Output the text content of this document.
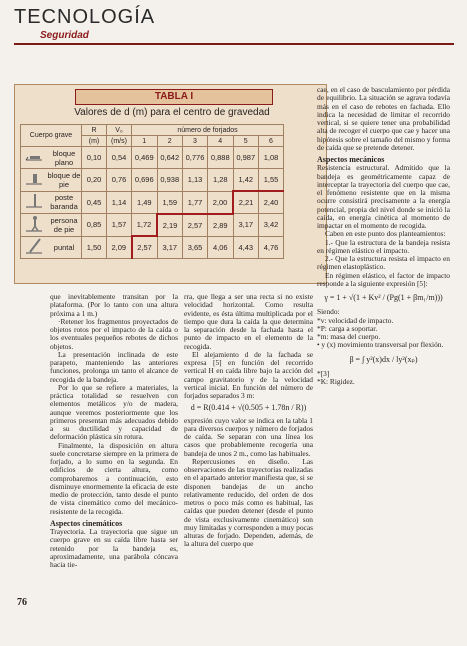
TECNOLOGÍA
Seguridad
TABLA I
Valores de d (m) para el centro de gravedad
Cuerpo grave		R	V₀	número de forjados					
		(m)	(m/s)	1	2	3	4	5	6
	bloque plano	0,10	0,54	0,469	0,642	0,776	0,888	0,987	1,08
	bloque de pie	0,20	0,76	0,696	0,938	1,13	1,28	1,42	1,55
	poste baranda	0,45	1,14	1,49	1,59	1,77	2,00	2,21	2,40
	persona de pie	0,85	1,57	1,72	2,19	2,57	2,89	3,17	3,42
	puntal	1,50	2,09	2,57	3,17	3,65	4,06	4,43	4,76

que inevitablemente transitan por la plataforma. (Por lo tanto con una altura próxima a 1 m.)

·Retener los fragmentos proyectados de objetos rotos por el impacto de la caída o los eventuales pequeños rebotes de dichos objetos.

La presentación inclinada de este parapeto, manteniendo las anteriores funciones, prolonga un tanto el alcance de recogida de la bandeja.

Por lo que se refiere a materiales, la práctica totalidad se resuelven con elementos metálicos y/o de madera, aunque veremos posteriormente que los primeros presentan más adecuados debido a su ductilidad y capacidad de deformación plástica sin rotura.

Finalmente, la disposición en altura suele concretarse siempre en la primera de forjado, a lo sumo en la segunda. En edificios de cierta altura, como comprobaremos a continuación, esto disminuye enormemente la eficacia de este medio de protección, tanto desde el punto de vista cinemático como del mecánico-resistente de la recogida.

Aspectos cinemáticos

Trayectoria. La trayectoria que sigue un cuerpo grave en su caída libre hasta ser retenido por la bandeja es, aproximadamente, una parábola cóncava hacia tie-

rra, que llega a ser una recta si no existe velocidad horizontal. Como resulta evidente, es ésta última multiplicada por el tiempo que dura la caída la que determina la separación desde la fachada hasta el punto de impacto en el elemento de la recogida.

El alejamiento d de la fachada se expresa [5] en función del recorrido vertical H en caída libre bajo la acción del campo gravitatorio y de la velocidad vertical inicial. En función del número de forjados separados 3 m:

d = R(0.414 + √(0.505 + 1.78n / R))

expresión cuyo valor se indica en la tabla 1 para diversos cuerpos y número de forjados de caída. Se separan con una línea los casos que probablemente recogería una bandeja de unos 2 m., como las habituales.

Repercusiones en diseño. Las observaciones de las trayectorias realizadas en el apartado anterior manifiesta que, si se disponen bandejas de un ancho relativamente reducido, del orden de dos metros o poco más como es habitual, las caídas que pueden detener (desde el punto de vista exclusivamente cinemático) son muy limitadas y corresponden a muy pocas alturas de forjado. Dependen, además, de la altura del cuerpo que

cae, en el caso de basculamiento por pérdida de equilibrio. La situación se agrava todavía más en el caso de rebotes en fachada. Ello indica la necesidad de limitar el recorrido vertical, si se quiere tener una probabilidad alta de recoger el cuerpo que cae y hacer una hipótesis sobre el tamaño del mismo y forma de caída que se pretende detener.

Aspectos mecánicos

Resistencia estructural. Admitido que la bandeja es geométricamente capaz de interceptar la trayectoria del cuerpo que cae, el fenómeno resistente que en la misma ocurre consistirá precisamente a la energía potencial, propia del nivel donde se inició la caída, en energía cinética al momento de impactar en el momento de recogida.

Caben en este punto dos planteamientos:

1.- Que la estructura de la bandeja resista en régimen elástico el impacto.

2.- Que la estructura resista el impacto en régimen elastoplástico.

En régimen elástico, el factor de impacto responde a la siguiente expresión [5]:

γ = 1 + √(1 + Kv² / (Pg(1 + βm₁/m)))

Siendo:

*v: velocidad de impacto.

*P: carga a soportar.

*m: masa del cuerpo.

• y (x) movimiento transversal por flexión.

β = ∫ y²(x)dx / ly²(xₚ)

*[3]

*K: Rigidez.

76
